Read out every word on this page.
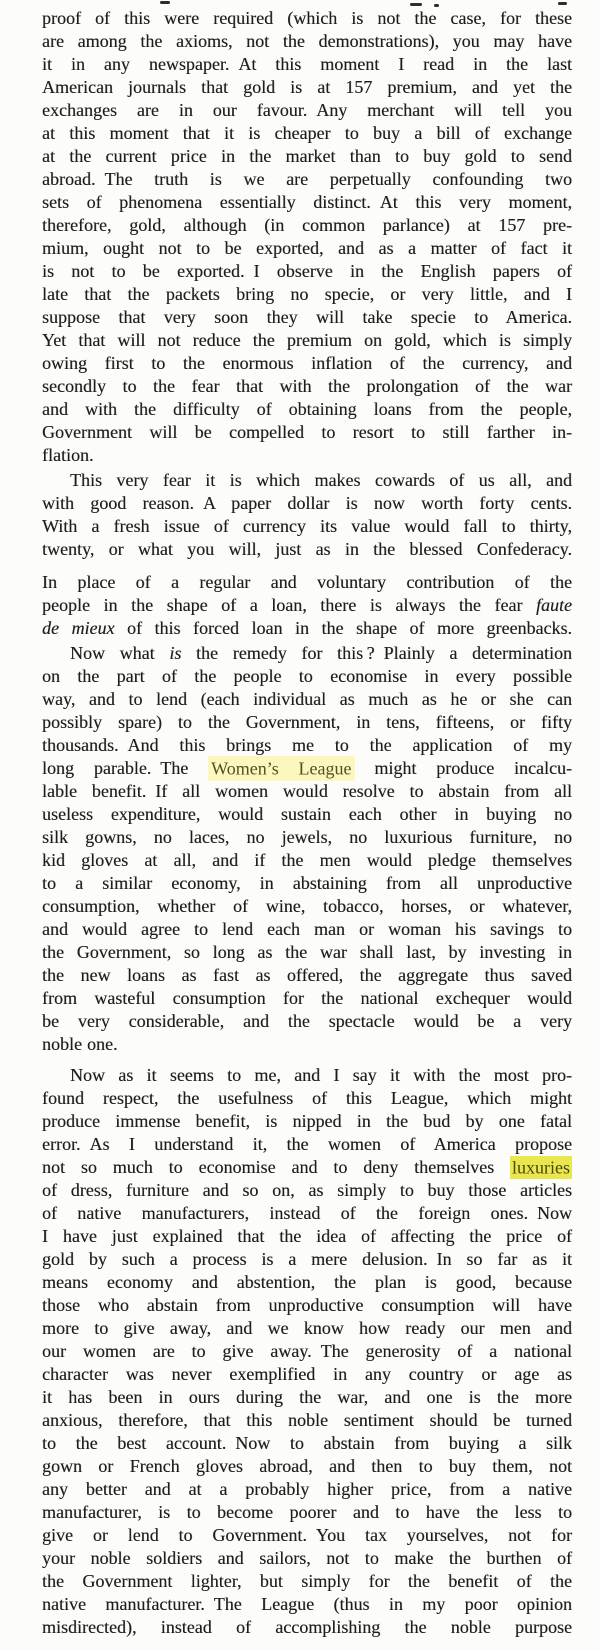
proof of this were required (which is not the case, for these
are among the axioms, not the demonstrations), you may have
it in any newspaper. At this moment I read in the last
American journals that gold is at 157 premium, and yet the
exchanges are in our favour. Any merchant will tell you
at this moment that it is cheaper to buy a bill of exchange
at the current price in the market than to buy gold to send
abroad. The truth is we are perpetually confounding two
sets of phenomena essentially distinct. At this very moment,
therefore, gold, although (in common parlance) at 157 pre-
mium, ought not to be exported, and as a matter of fact it
is not to be exported. I observe in the English papers of
late that the packets bring no specie, or very little, and I
suppose that very soon they will take specie to America.
Yet that will not reduce the premium on gold, which is simply
owing first to the enormous inflation of the currency, and
secondly to the fear that with the prolongation of the war
and with the difficulty of obtaining loans from the people,
Government will be compelled to resort to still farther in-
flation.
This very fear it is which makes cowards of us all, and
with good reason. A paper dollar is now worth forty cents.
With a fresh issue of currency its value would fall to thirty,
twenty, or what you will, just as in the blessed Confederacy.
In place of a regular and voluntary contribution of the
people in the shape of a loan, there is always the fear faute
de mieux of this forced loan in the shape of more greenbacks.
Now what is the remedy for this ? Plainly a determination
on the part of the people to economise in every possible
way, and to lend (each individual as much as he or she can
possibly spare) to the Government, in tens, fifteens, or fifty
thousands. And this brings me to the application of my
long parable. The Women’s League might produce incalcu-
lable benefit. If all women would resolve to abstain from all
useless expenditure, would sustain each other in buying no
silk gowns, no laces, no jewels, no luxurious furniture, no
kid gloves at all, and if the men would pledge themselves
to a similar economy, in abstaining from all unproductive
consumption, whether of wine, tobacco, horses, or whatever,
and would agree to lend each man or woman his savings to
the Government, so long as the war shall last, by investing in
the new loans as fast as offered, the aggregate thus saved
from wasteful consumption for the national exchequer would
be very considerable, and the spectacle would be a very
noble one.
Now as it seems to me, and I say it with the most pro-
found respect, the usefulness of this League, which might
produce immense benefit, is nipped in the bud by one fatal
error. As I understand it, the women of America propose
not so much to economise and to deny themselves luxuries
of dress, furniture and so on, as simply to buy those articles
of native manufacturers, instead of the foreign ones. Now
I have just explained that the idea of affecting the price of
gold by such a process is a mere delusion. In so far as it
means economy and abstention, the plan is good, because
those who abstain from unproductive consumption will have
more to give away, and we know how ready our men and
our women are to give away. The generosity of a national
character was never exemplified in any country or age as
it has been in ours during the war, and one is the more
anxious, therefore, that this noble sentiment should be turned
to the best account. Now to abstain from buying a silk
gown or French gloves abroad, and then to buy them, not
any better and at a probably higher price, from a native
manufacturer, is to become poorer and to have the less to
give or lend to Government. You tax yourselves, not for
your noble soldiers and sailors, not to make the burthen of
the Government lighter, but simply for the benefit of the
native manufacturer. The League (thus in my poor opinion
misdirected), instead of accomplishing the noble purpose
